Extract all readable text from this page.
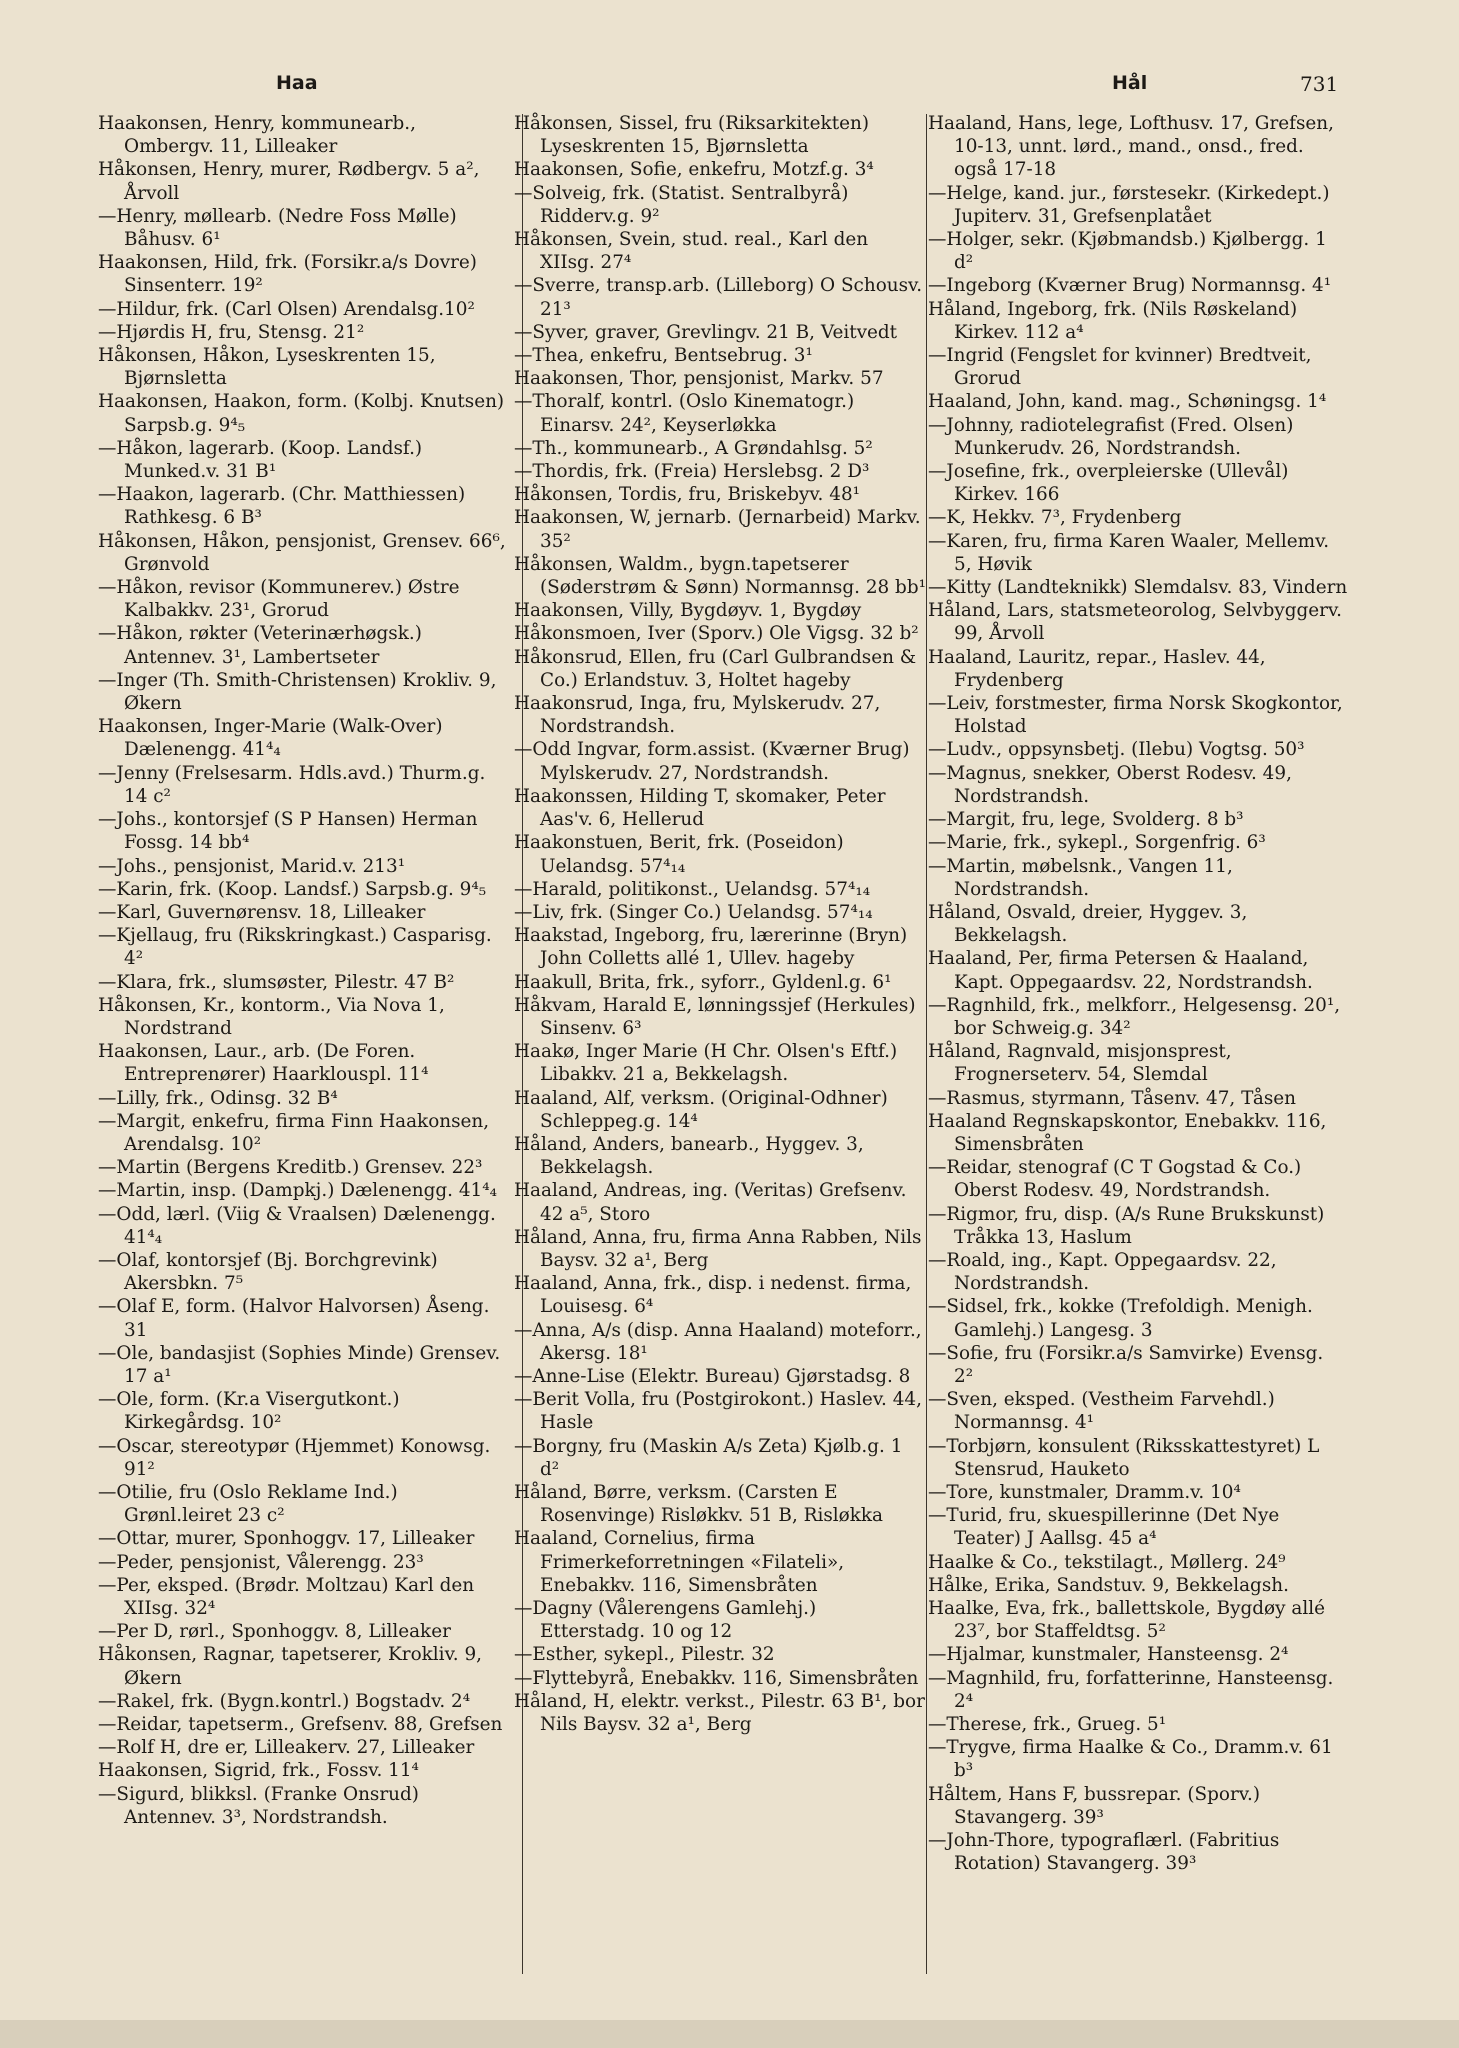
Haa	Hål	731

Haakonsen, Henry, kommunearb., Ombergv. 11, Lilleaker

Håkonsen, Henry, murer, Rødbergv. 5 a², Årvoll

—Henry, møllearb. (Nedre Foss Mølle) Båhusv. 6¹

Haakonsen, Hild, frk. (Forsikr.a/s Dovre) Sinsenterr. 19²

—Hildur, frk. (Carl Olsen) Arendalsg.10²

—Hjørdis H, fru, Stensg. 21²

Håkonsen, Håkon, Lyseskrenten 15, Bjørnsletta

Haakonsen, Haakon, form. (Kolbj. Knutsen) Sarpsb.g. 9⁴₅

—Håkon, lagerarb. (Koop. Landsf.) Munked.v. 31 B¹

—Haakon, lagerarb. (Chr. Matthiessen) Rathkesg. 6 B³

Håkonsen, Håkon, pensjonist, Grensev. 66⁶, Grønvold

—Håkon, revisor (Kommunerev.) Østre Kalbakkv. 23¹, Grorud

—Håkon, røkter (Veterinærhøgsk.) Antennev. 3¹, Lambertseter

—Inger (Th. Smith-Christensen) Krokliv. 9, Økern

Haakonsen, Inger-Marie (Walk-Over) Dælenengg. 41⁴₄

—Jenny (Frelsesarm. Hdls.avd.) Thurm.g. 14 c²

—Johs., kontorsjef (S P Hansen) Herman Fossg. 14 bb⁴

—Johs., pensjonist, Marid.v. 213¹

—Karin, frk. (Koop. Landsf.) Sarpsb.g. 9⁴₅

—Karl, Guvernørensv. 18, Lilleaker

—Kjellaug, fru (Rikskringkast.) Casparisg. 4²

—Klara, frk., slumsøster, Pilestr. 47 B²

Håkonsen, Kr., kontorm., Via Nova 1, Nordstrand

Haakonsen, Laur., arb. (De Foren. Entreprenører) Haarklouspl. 11⁴

—Lilly, frk., Odinsg. 32 B⁴

—Margit, enkefru, firma Finn Haakonsen, Arendalsg. 10²

—Martin (Bergens Kreditb.) Grensev. 22³

—Martin, insp. (Dampkj.) Dælenengg. 41⁴₄

—Odd, lærl. (Viig & Vraalsen) Dælenengg. 41⁴₄

—Olaf, kontorsjef (Bj. Borchgrevink) Akersbkn. 7⁵

—Olaf E, form. (Halvor Halvorsen) Åseng. 31

—Ole, bandasjist (Sophies Minde) Grensev. 17 a¹

—Ole, form. (Kr.a Visergutkont.) Kirkegårdsg. 10²

—Oscar, stereotypør (Hjemmet) Konowsg. 91²

—Otilie, fru (Oslo Reklame Ind.) Grønl.leiret 23 c²

—Ottar, murer, Sponhoggv. 17, Lilleaker

—Peder, pensjonist, Vålerengg. 23³

—Per, eksped. (Brødr. Moltzau) Karl den XIIsg. 32⁴

—Per D, rørl., Sponhoggv. 8, Lilleaker

Håkonsen, Ragnar, tapetserer, Krokliv. 9, Økern

—Rakel, frk. (Bygn.kontrl.) Bogstadv. 2⁴

—Reidar, tapetserm., Grefsenv. 88, Grefsen

—Rolf H, dre er, Lilleakerv. 27, Lilleaker

Haakonsen, Sigrid, frk., Fossv. 11⁴

—Sigurd, blikksl. (Franke Onsrud) Antennev. 3³, Nordstrandsh.

Håkonsen, Sissel, fru (Riksarkitekten) Lyseskrenten 15, Bjørnsletta

Haakonsen, Sofie, enkefru, Motzf.g. 3⁴

—Solveig, frk. (Statist. Sentralbyrå) Ridderv.g. 9²

Håkonsen, Svein, stud. real., Karl den XIIsg. 27⁴

—Sverre, transp.arb. (Lilleborg) O Schousv. 21³

—Syver, graver, Grevlingv. 21 B, Veitvedt

—Thea, enkefru, Bentsebrug. 3¹

Haakonsen, Thor, pensjonist, Markv. 57

—Thoralf, kontrl. (Oslo Kinematogr.) Einarsv. 24², Keyserløkka

—Th., kommunearb., A Grøndahlsg. 5²

—Thordis, frk. (Freia) Herslebsg. 2 D³

Håkonsen, Tordis, fru, Briskebyv. 48¹

Haakonsen, W, jernarb. (Jernarbeid) Markv. 35²

Håkonsen, Waldm., bygn.tapetserer (Søderstrøm & Sønn) Normannsg. 28 bb¹

Haakonsen, Villy, Bygdøyv. 1, Bygdøy

Håkonsmoen, Iver (Sporv.) Ole Vigsg. 32 b²

Håkonsrud, Ellen, fru (Carl Gulbrandsen & Co.) Erlandstuv. 3, Holtet hageby

Haakonsrud, Inga, fru, Mylskerudv. 27, Nordstrandsh.

—Odd Ingvar, form.assist. (Kværner Brug) Mylskerudv. 27, Nordstrandsh.

Haakonssen, Hilding T, skomaker, Peter Aas'v. 6, Hellerud

Haakonstuen, Berit, frk. (Poseidon) Uelandsg. 57⁴₁₄

—Harald, politikonst., Uelandsg. 57⁴₁₄

—Liv, frk. (Singer Co.) Uelandsg. 57⁴₁₄

Haakstad, Ingeborg, fru, lærerinne (Bryn) John Colletts allé 1, Ullev. hageby

Haakull, Brita, frk., syforr., Gyldenl.g. 6¹

Håkvam, Harald E, lønningssjef (Herkules) Sinsenv. 6³

Haakø, Inger Marie (H Chr. Olsen's Eftf.) Libakkv. 21 a, Bekkelagsh.

Haaland, Alf, verksm. (Original-Odhner) Schleppeg.g. 14⁴

Håland, Anders, banearb., Hyggev. 3, Bekkelagsh.

Haaland, Andreas, ing. (Veritas) Grefsenv. 42 a⁵, Storo

Håland, Anna, fru, firma Anna Rabben, Nils Baysv. 32 a¹, Berg

Haaland, Anna, frk., disp. i nedenst. firma, Louisesg. 6⁴

—Anna, A/s (disp. Anna Haaland) moteforr., Akersg. 18¹

—Anne-Lise (Elektr. Bureau) Gjørstadsg. 8

—Berit Volla, fru (Postgirokont.) Haslev. 44, Hasle

—Borgny, fru (Maskin A/s Zeta) Kjølb.g. 1 d²

Håland, Børre, verksm. (Carsten E Rosenvinge) Risløkkv. 51 B, Risløkka

Haaland, Cornelius, firma Frimerkeforretningen «Filateli», Enebakkv. 116, Simensbråten

—Dagny (Vålerengens Gamlehj.) Etterstadg. 10 og 12

—Esther, sykepl., Pilestr. 32

—Flyttebyrå, Enebakkv. 116, Simensbråten

Håland, H, elektr. verkst., Pilestr. 63 B¹, bor Nils Baysv. 32 a¹, Berg

Haaland, Hans, lege, Lofthusv. 17, Grefsen, 10-13, unnt. lørd., mand., onsd., fred. også 17-18

—Helge, kand. jur., førstesekr. (Kirkedept.) Jupiterv. 31, Grefsenplatået

—Holger, sekr. (Kjøbmandsb.) Kjølbergg. 1 d²

—Ingeborg (Kværner Brug) Normannsg. 4¹

Håland, Ingeborg, frk. (Nils Røskeland) Kirkev. 112 a⁴

—Ingrid (Fengslet for kvinner) Bredtveit, Grorud

Haaland, John, kand. mag., Schøningsg. 1⁴

—Johnny, radiotelegrafist (Fred. Olsen) Munkerudv. 26, Nordstrandsh.

—Josefine, frk., overpleierske (Ullevål) Kirkev. 166

—K, Hekkv. 7³, Frydenberg

—Karen, fru, firma Karen Waaler, Mellemv. 5, Høvik

—Kitty (Landteknikk) Slemdalsv. 83, Vindern

Håland, Lars, statsmeteorolog, Selvbyggerv. 99, Årvoll

Haaland, Lauritz, repar., Haslev. 44, Frydenberg

—Leiv, forstmester, firma Norsk Skogkontor, Holstad

—Ludv., oppsynsbetj. (Ilebu) Vogtsg. 50³

—Magnus, snekker, Oberst Rodesv. 49, Nordstrandsh.

—Margit, fru, lege, Svolderg. 8 b³

—Marie, frk., sykepl., Sorgenfrig. 6³

—Martin, møbelsnk., Vangen 11, Nordstrandsh.

Håland, Osvald, dreier, Hyggev. 3, Bekkelagsh.

Haaland, Per, firma Petersen & Haaland, Kapt. Oppegaardsv. 22, Nordstrandsh.

—Ragnhild, frk., melkforr., Helgesensg. 20¹, bor Schweig.g. 34²

Håland, Ragnvald, misjonsprest, Frognerseterv. 54, Slemdal

—Rasmus, styrmann, Tåsenv. 47, Tåsen

Haaland Regnskapskontor, Enebakkv. 116, Simensbråten

—Reidar, stenograf (C T Gogstad & Co.) Oberst Rodesv. 49, Nordstrandsh.

—Rigmor, fru, disp. (A/s Rune Brukskunst) Tråkka 13, Haslum

—Roald, ing., Kapt. Oppegaardsv. 22, Nordstrandsh.

—Sidsel, frk., kokke (Trefoldigh. Menigh. Gamlehj.) Langesg. 3

—Sofie, fru (Forsikr.a/s Samvirke) Evensg. 2²

—Sven, eksped. (Vestheim Farvehdl.) Normannsg. 4¹

—Torbjørn, konsulent (Riksskattestyret) L Stensrud, Hauketo

—Tore, kunstmaler, Dramm.v. 10⁴

—Turid, fru, skuespillerinne (Det Nye Teater) J Aallsg. 45 a⁴

Haalke & Co., tekstilagt., Møllerg. 24⁹

Hålke, Erika, Sandstuv. 9, Bekkelagsh.

Haalke, Eva, frk., ballettskole, Bygdøy allé 23⁷, bor Staffeldtsg. 5²

—Hjalmar, kunstmaler, Hansteensg. 2⁴

—Magnhild, fru, forfatterinne, Hansteensg. 2⁴

—Therese, frk., Grueg. 5¹

—Trygve, firma Haalke & Co., Dramm.v. 61 b³

Håltem, Hans F, bussrepar. (Sporv.) Stavangerg. 39³

—John-Thore, typograflærl. (Fabritius Rotation) Stavangerg. 39³
